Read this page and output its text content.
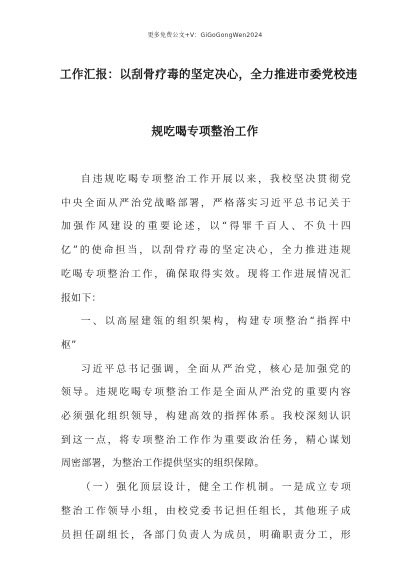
更多免费公文+V：GiGoGongWen2024
工作汇报：以刮骨疗毒的坚定决心，全力推进市委党校违
规吃喝专项整治工作

自违规吃喝专项整治工作开展以来，我校坚决贯彻党

中央全面从严治党战略部署，严格落实习近平总书记关于

加强作风建设的重要论述，以“得罪千百人、不负十四

亿”的使命担当，以刮骨疗毒的坚定决心，全力推进违规

吃喝专项整治工作，确保取得实效。现将工作进展情况汇

报如下：

一、以高屋建瓴的组织架构，构建专项整治“指挥中

枢”

习近平总书记强调，全面从严治党，核心是加强党的

领导。违规吃喝专项整治工作是全面从严治党的重要内容

必须强化组织领导，构建高效的指挥体系。我校深刻认识

到这一点，将专项整治工作作为重要政治任务，精心谋划

周密部署，为整治工作提供坚实的组织保障。

（一）强化顶层设计，健全工作机制。一是成立专项

整治工作领导小组，由校党委书记担任组长，其他班子成

员担任副组长，各部门负责人为成员，明确职责分工，形
